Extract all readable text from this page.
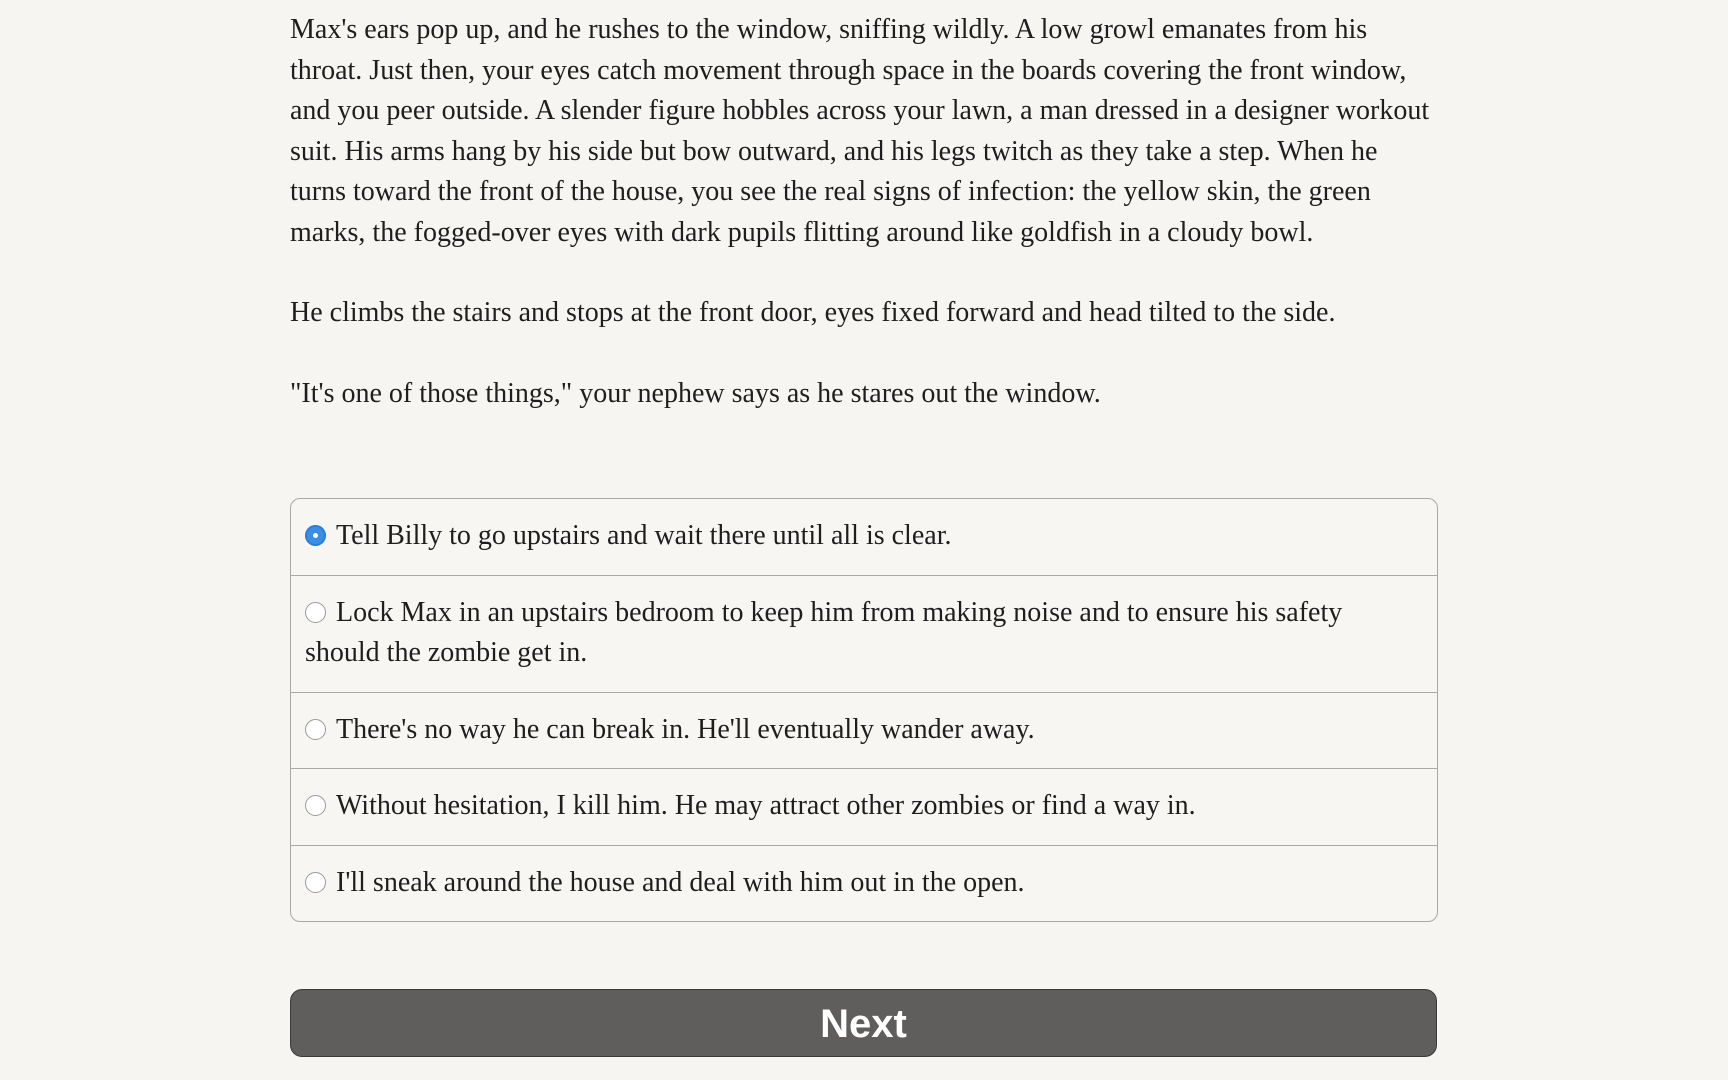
Max's ears pop up, and he rushes to the window, sniffing wildly. A low growl emanates from his throat. Just then, your eyes catch movement through space in the boards covering the front window, and you peer outside. A slender figure hobbles across your lawn, a man dressed in a designer workout suit. His arms hang by his side but bow outward, and his legs twitch as they take a step. When he turns toward the front of the house, you see the real signs of infection: the yellow skin, the green marks, the fogged-over eyes with dark pupils flitting around like goldfish in a cloudy bowl.

He climbs the stairs and stops at the front door, eyes fixed forward and head tilted to the side.

"It's one of those things," your nephew says as he stares out the window.

Tell Billy to go upstairs and wait there until all is clear.
Lock Max in an upstairs bedroom to keep him from making noise and to ensure his safety should the zombie get in.
There's no way he can break in. He'll eventually wander away.
Without hesitation, I kill him. He may attract other zombies or find a way in.
I'll sneak around the house and deal with him out in the open.
Next
